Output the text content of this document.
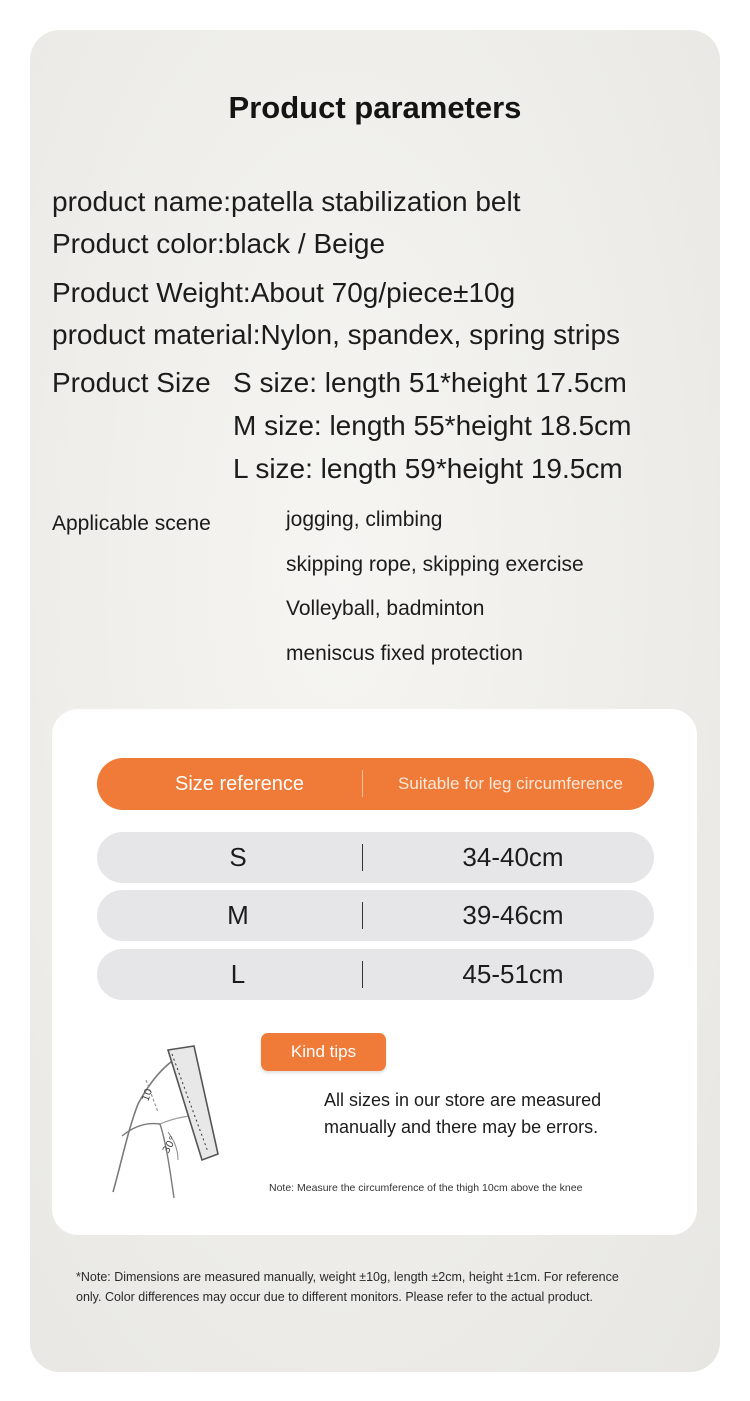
Product parameters
product name:patella stabilization belt
Product color:black / Beige
Product Weight:About 70g/piece±10g
product material:Nylon, spandex, spring strips
Product Size S size: length 51*height 17.5cm
M size: length 55*height 18.5cm
L size: length 59*height 19.5cm
Applicable scene	jogging, climbing
skipping rope, skipping exercise
Volleyball, badminton
meniscus fixed protection
Size reference	Suitable for leg circumference
S	34-40cm
M	39-46cm
L	45-51cm
10
30°
Kind tips
All sizes in our store are measured
manually and there may be errors.
Note: Measure the circumference of the thigh 10cm above the knee
*Note: Dimensions are measured manually, weight ±10g, length ±2cm, height ±1cm. For reference
only. Color differences may occur due to different monitors. Please refer to the actual product.
